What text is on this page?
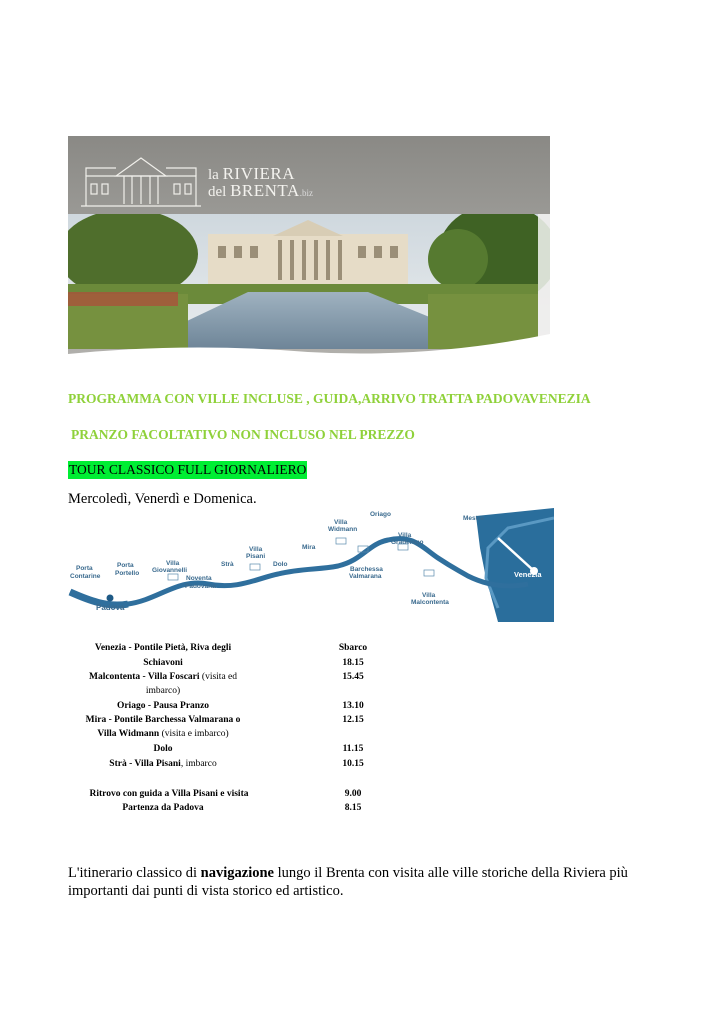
la RIVIERA
del BRENTA.biz

PROGRAMMA CON VILLE INCLUSE , GUIDA,ARRIVO TRATTA PADOVAVENEZIA

PRANZO FACOLTATIVO NON INCLUSO NEL PREZZO

TOUR CLASSICO FULL GIORNALIERO
Mercoledì, Venerdì e Domenica.
Porta
Contarine
Porta
Portello
Padova
Villa
Giovannelli
Noventa
Padovana
Strà
Villa
Pisani
Dolo
Mira
Villa
Widmann
Oriago
Barchessa
Valmarana
Villa
Gradenigo
Villa
Malcontenta
Mestre
Venezia
Venezia - Pontile Pietà, Riva degli	Sbarco
Schiavoni	18.15
Malcontenta - Villa Foscari (visita ed	15.45
imbarco)
Oriago - Pausa Pranzo	13.10
Mira - Pontile Barchessa Valmarana o	12.15
Villa Widmann (visita e imbarco)
Dolo	11.15
Strà - Villa Pisani, imbarco	10.15
Ritrovo con guida a Villa Pisani e visita	9.00
Partenza da Padova	8.15

L'itinerario classico di navigazione lungo il Brenta con visita alle ville storiche della Riviera più importanti dai punti di vista storico ed artistico.
